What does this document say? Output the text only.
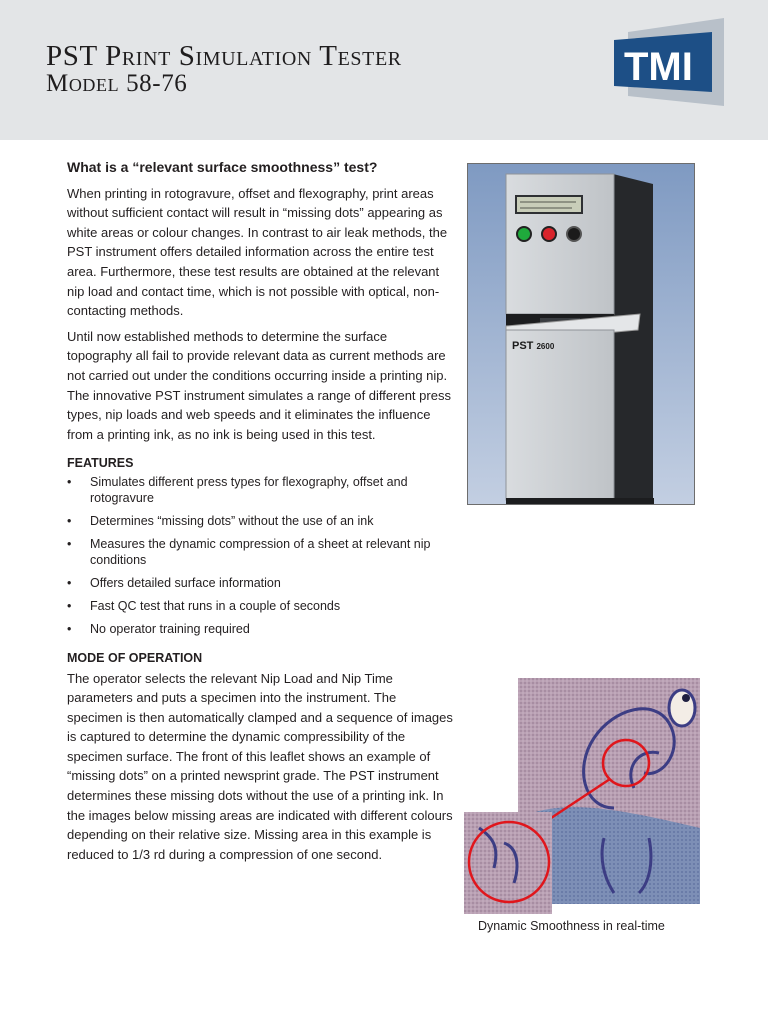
PST Print Simulation Tester
Model 58-76	TMI
What is a “relevant surface smoothness” test?

When printing in rotogravure, offset and flexography, print areas without sufficient contact will result in “missing dots” appearing as white areas or colour changes. In contrast to air leak methods, the PST instrument offers detailed information across the entire test area. Furthermore, these test results are obtained at the relevant nip load and contact time, which is not possible with optical, non-contacting methods.

Until now established methods to determine the surface topography all fail to provide relevant data as current methods are not carried out under the conditions occurring inside a printing nip. The innovative PST instrument simulates a range of different press types, nip loads and web speeds and it eliminates the influence from a printing ink, as no ink is being used in this test.

FEATURES
• Simulates different press types for flexography, offset and rotogravure
• Determines “missing dots” without the use of an ink
• Measures the dynamic compression of a sheet at relevant nip conditions
• Offers detailed surface information
• Fast QC test that runs in a couple of seconds
• No operator training required
MODE OF OPERATION

The operator selects the relevant Nip Load and Nip Time parameters and puts a specimen into the instrument. The specimen is then automatically clamped and a sequence of images is captured to determine the dynamic compressibility of the specimen surface. The front of this leaflet shows an example of “missing dots” on a printed newsprint grade. The PST instrument determines these missing dots without the use of a printing ink. In the images below missing areas are indicated with different colours depending on their relative size. Missing area in this example is reduced to 1/3 rd during a compression of one second.

PST 2600
Dynamic Smoothness in real-time
